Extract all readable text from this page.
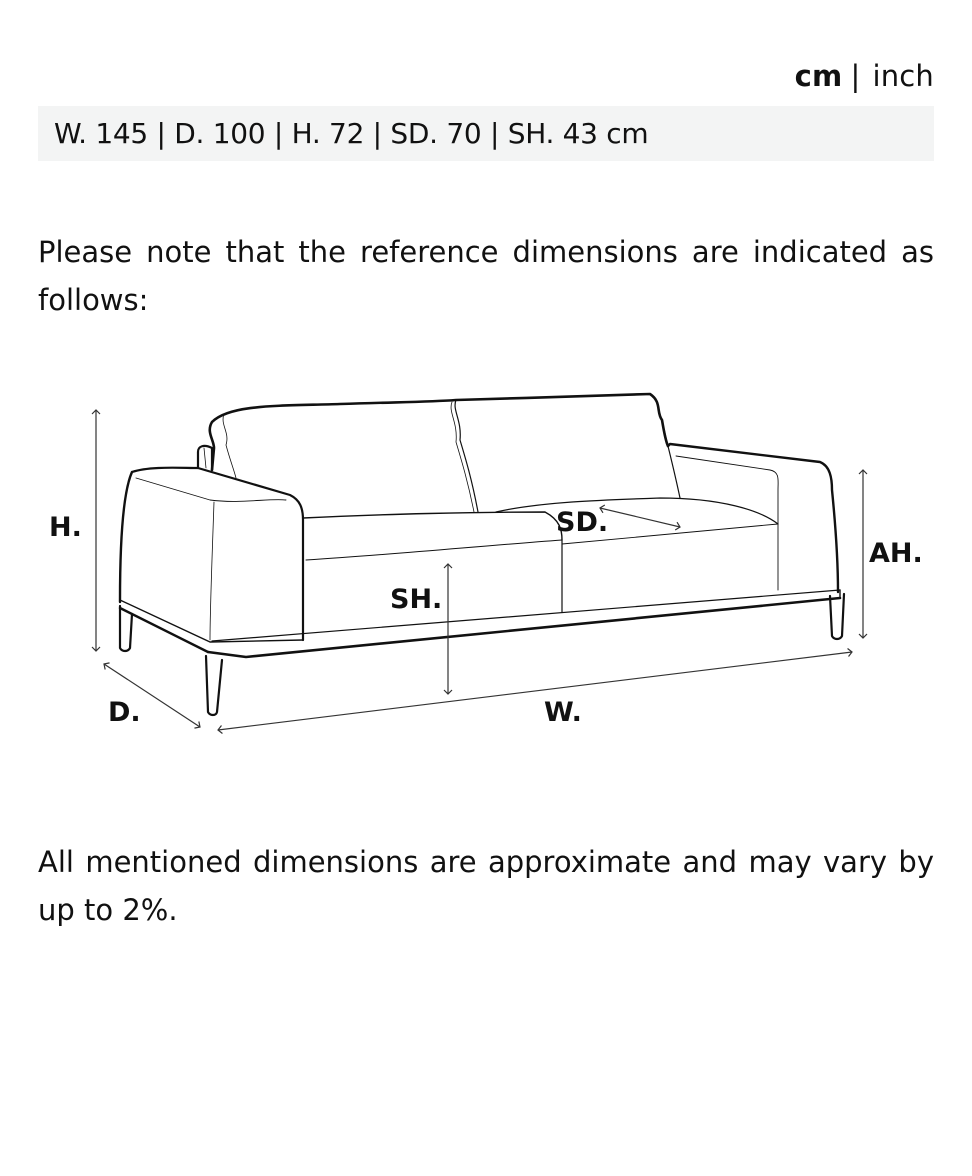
cm | inch
W. 145 | D. 100 | H. 72 | SD. 70 | SH. 43 cm

Please note that the reference dimensions are indicated as follows:

H.
D.	W.
SD.
SH.
AH.

All mentioned dimensions are approximate and may vary by up to 2%.
